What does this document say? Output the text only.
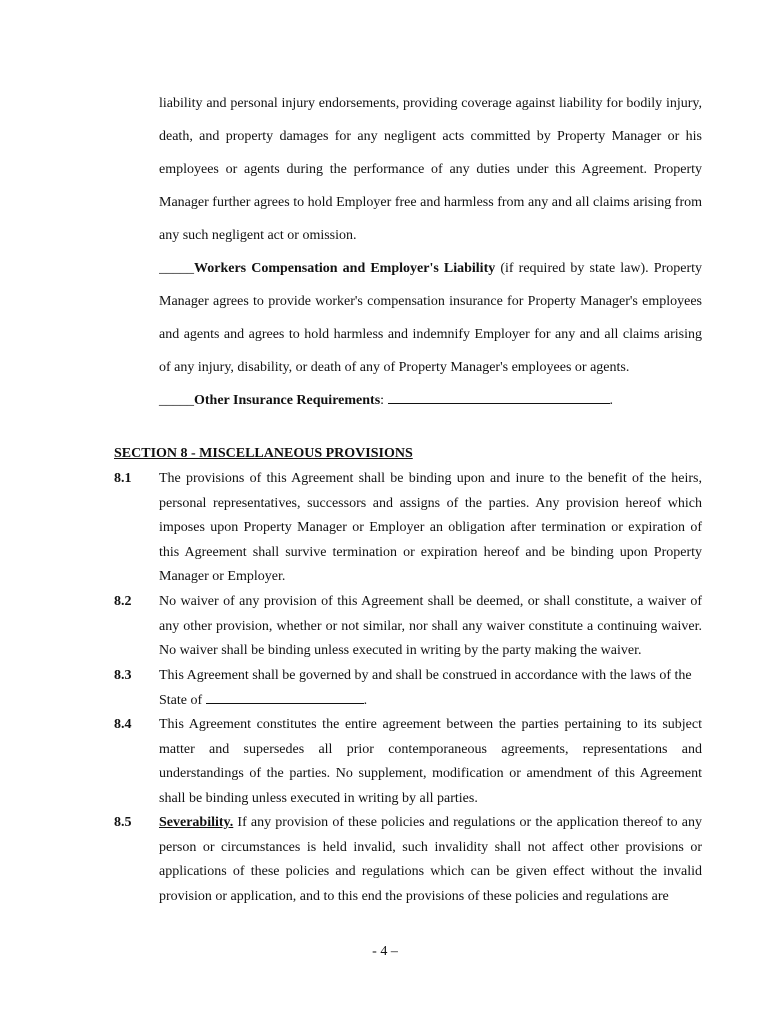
liability and personal injury endorsements, providing coverage against liability for bodily injury,
death, and property damages for any negligent acts committed by Property Manager or his
employees or agents during the performance of any duties under this Agreement. Property
Manager further agrees to hold Employer free and harmless from any and all claims arising from
any such negligent act or omission.
_____Workers Compensation and Employer's Liability (if required by state law). Property
Manager agrees to provide worker's compensation insurance for Property Manager's employees
and agents and agrees to hold harmless and indemnify Employer for any and all claims arising
of any injury, disability, or death of any of Property Manager's employees or agents.
_____Other Insurance Requirements:	.
SECTION 8 - MISCELLANEOUS PROVISIONS
8.1 The provisions of this Agreement shall be binding upon and inure to the benefit of the heirs, personal representatives, successors and assigns of the parties. Any provision hereof which imposes upon Property Manager or Employer an obligation after termination or expiration of this Agreement shall survive termination or expiration hereof and be binding upon Property Manager or Employer.
8.2 No waiver of any provision of this Agreement shall be deemed, or shall constitute, a waiver of any other provision, whether or not similar, nor shall any waiver constitute a continuing waiver. No waiver shall be binding unless executed in writing by the party making the waiver.
8.3 This Agreement shall be governed by and shall be construed in accordance with the laws of the
State of	.
8.4 This Agreement constitutes the entire agreement between the parties pertaining to its subject matter and supersedes all prior contemporaneous agreements, representations and understandings of the parties. No supplement, modification or amendment of this Agreement shall be binding unless executed in writing by all parties.
8.5 Severability. If any provision of these policies and regulations or the application thereof to any person or circumstances is held invalid, such invalidity shall not affect other provisions or applications of these policies and regulations which can be given effect without the invalid provision or application, and to this end the provisions of these policies and regulations are
- 4 –
